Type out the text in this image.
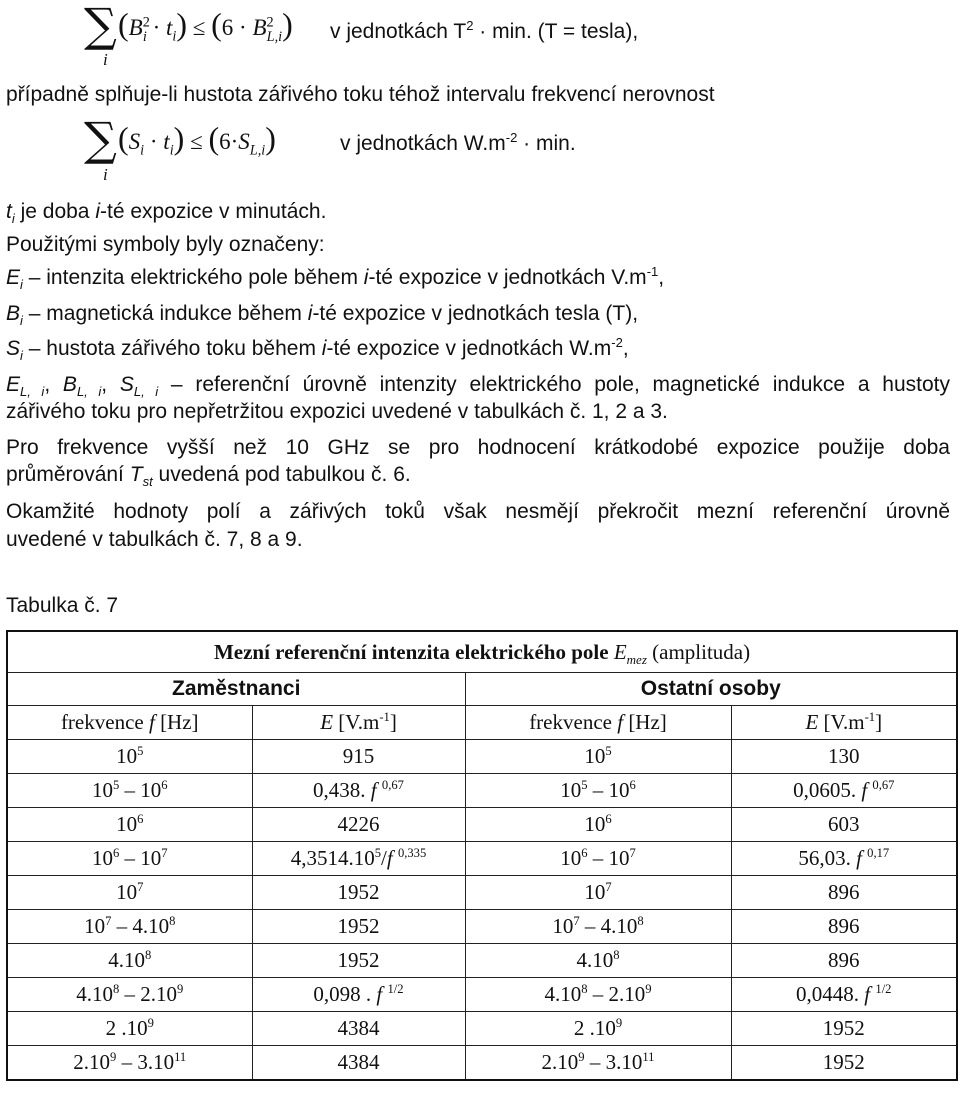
∑
i
$(B^2_i \cdot t_i) \le (6 \cdot B^2_{L,i})$ v jednotkách $T^2 \cdot \min$. (T = tesla),
případně splňuje-li hustota zářivého toku téhož intervalu frekvencí nerovnost
∑
i
$(S_i \cdot t_i) \le (6\cdot S_{L,i})$	v jednotkách $W.m^{-2} \cdot \min$.
$t_i$ je doba i-té expozice v minutách.
Použitými symboly byly označeny:
$E_i$ – intenzita elektrického pole během i-té expozice v jednotkách $V.m^{-1}$,
$B_i$ – magnetická indukce během i-té expozice v jednotkách tesla (T),
$S_i$ – hustota zářivého toku během i-té expozice v jednotkách $W.m^{-2}$,
$E_{L, i}$, $B_{L, i}$, $S_{L, i}$ – referenční úrovně intenzity elektrického pole, magnetické indukce a hustoty
zářivého toku pro nepřetržitou expozici uvedené v tabulkách č. 1, 2 a 3.
Pro frekvence vyšší než 10 GHz se pro hodnocení krátkodobé expozice použije doba
průměrování $T_{st}$ uvedená pod tabulkou č. 6.
Okamžité hodnoty polí a zářivých toků však nesmějí překročit mezní referenční úrovně
uvedené v tabulkách č. 7, 8 a 9.
Tabulka č. 7
Mezní referenční intenzita elektrického pole $E_{mez}$ (amplituda)			
Zaměstnanci		Ostatní osoby	
frekvence f [Hz]	E $[V.m^{-1}]$	frekvence f [Hz]	E $[V.m^{-1}]$
$10^5$	915	$10^5$	130
$10^5 - 10^6$	0,438. f $^{0,67}$	$10^5 - 10^6$	0,0605. f $^{0,67}$
$10^6$	4226	$10^6$	603
$10^6 - 10^7$	4,3514.10$^5$/f $^{0,335}$	$10^6 - 10^7$	56,03. f $^{0,17}$
$10^7$	1952	$10^7$	896
$10^7 - 4.10^8$	1952	$10^7 - 4.10^8$	896
4.10$^8$	1952	4.10$^8$	896
4.10$^8$ – 2.10$^9$	0,098 . f $^{1/2}$	4.10$^8$ – 2.10$^9$	0,0448. f $^{1/2}$
2 $.10^9$	4384	2 $.10^9$	1952
2.10$^9$ – 3.10$^{11}$	4384	2.10$^9$ – 3.10$^{11}$	1952
